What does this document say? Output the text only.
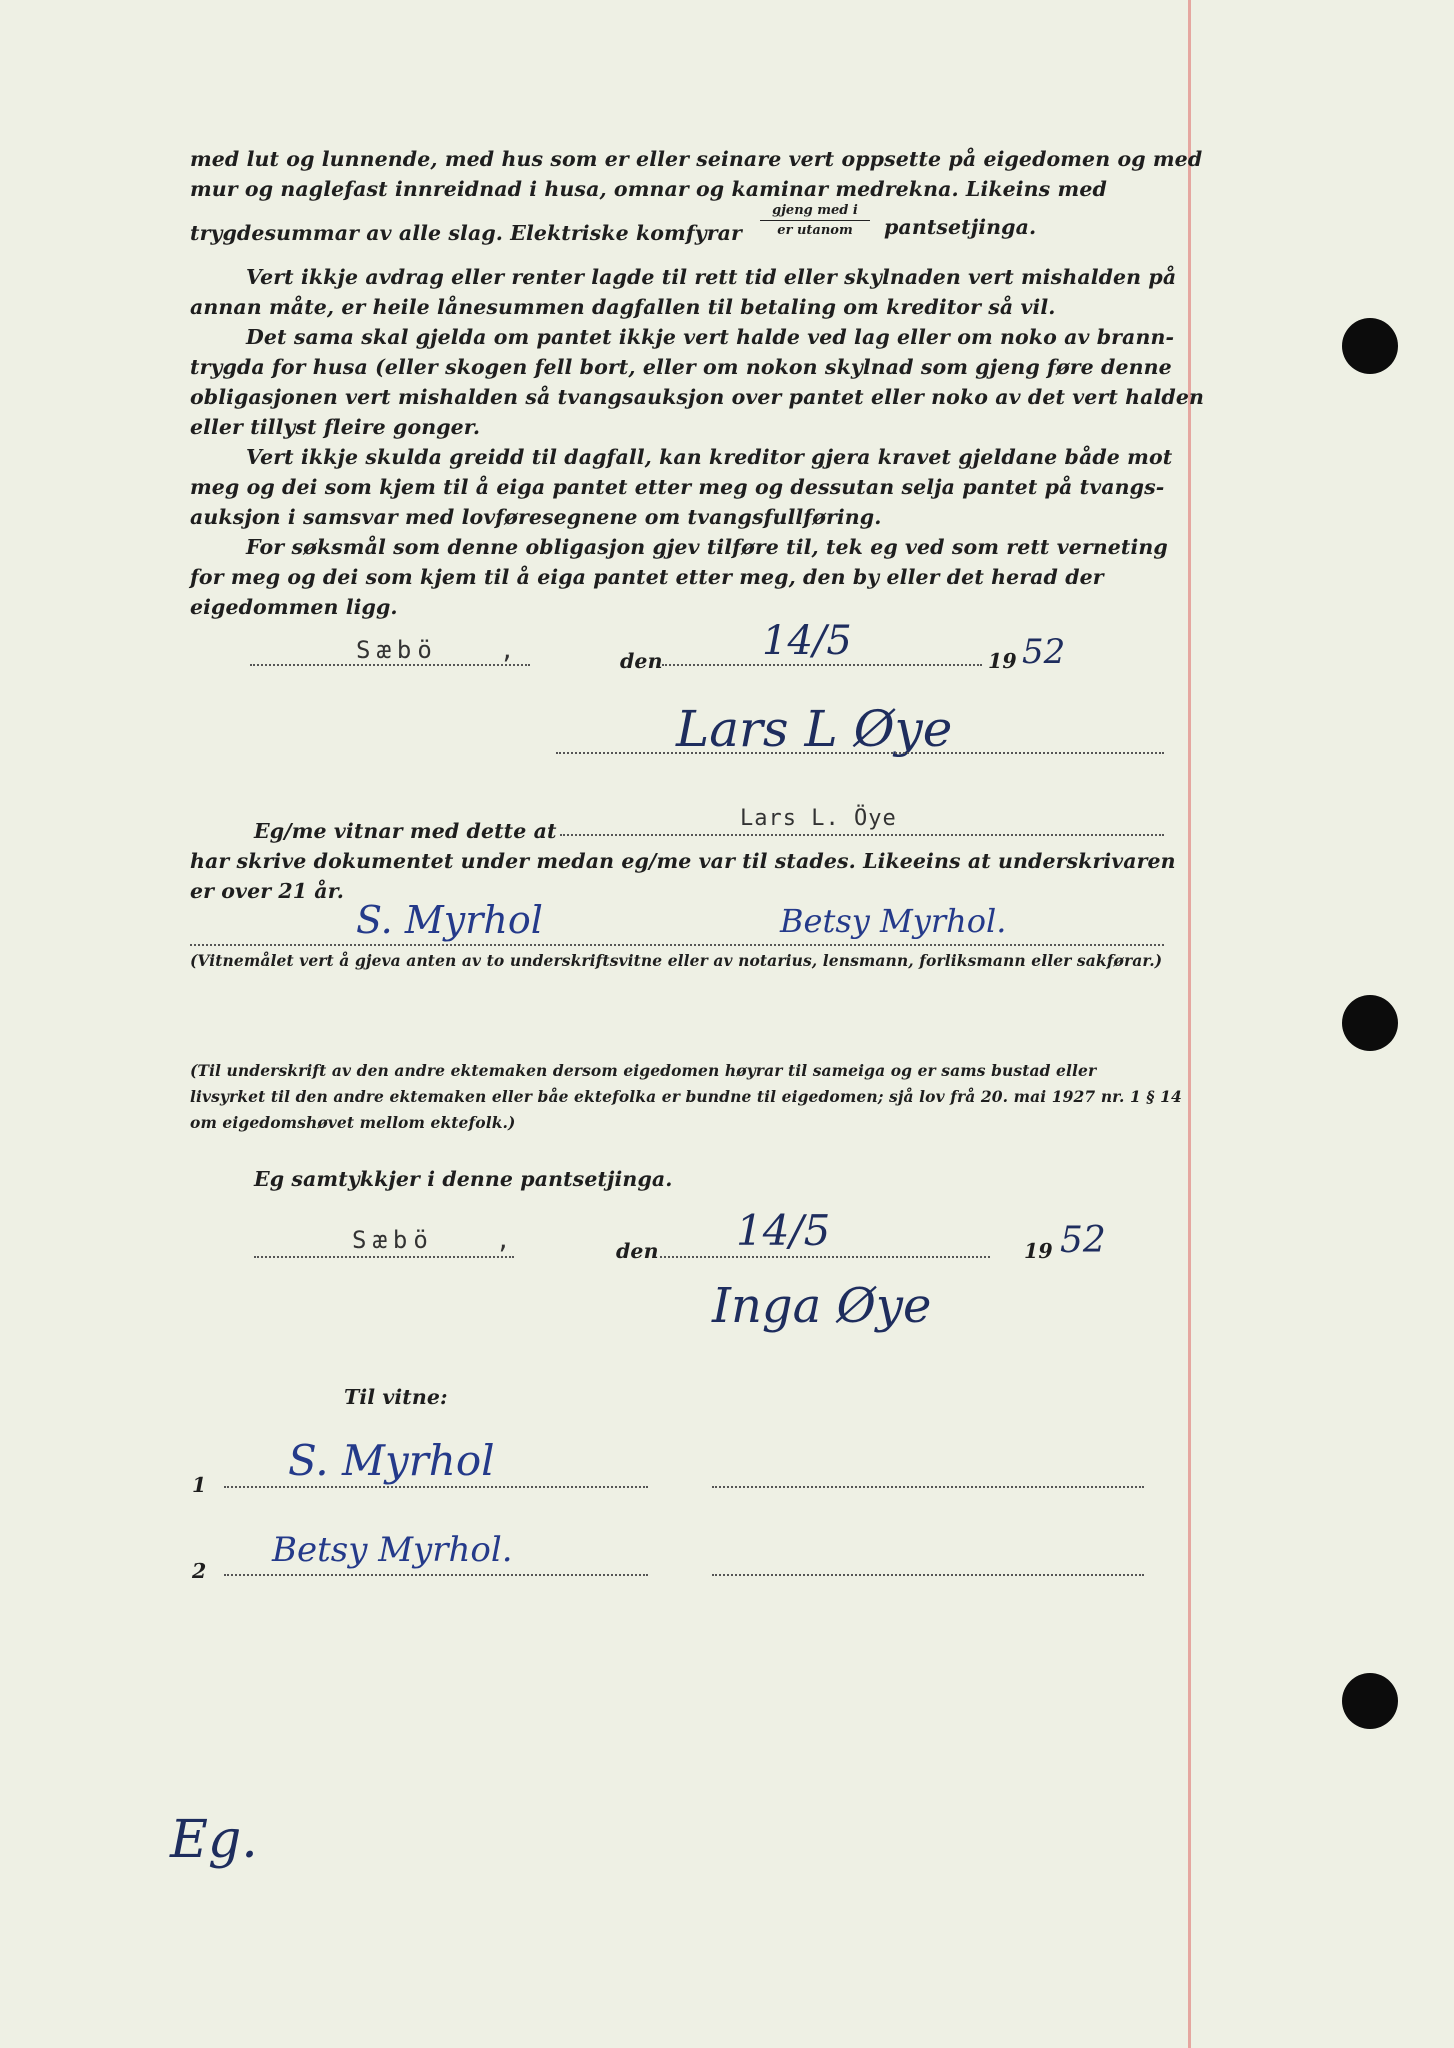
med lut og lunnende, med hus som er eller seinare vert oppsette på eigedomen og med
mur og naglefast innreidnad i husa, omnar og kaminar medrekna. Likeins med
trygdesummar av alle slag. Elektriske komfyrar
gjeng med i
er utanom	pantsetjinga.
Vert ikkje avdrag eller renter lagde til rett tid eller skylnaden vert mishalden på
annan måte, er heile lånesummen dagfallen til betaling om kreditor så vil.
Det sama skal gjelda om pantet ikkje vert halde ved lag eller om noko av brann-
trygda for husa (eller skogen fell bort, eller om nokon skylnad som gjeng føre denne
obligasjonen vert mishalden så tvangsauksjon over pantet eller noko av det vert halden
eller tillyst fleire gonger.
Vert ikkje skulda greidd til dagfall, kan kreditor gjera kravet gjeldane både mot
meg og dei som kjem til å eiga pantet etter meg og dessutan selja pantet på tvangs-
auksjon i samsvar med lovføresegnene om tvangsfullføring.
For søksmål som denne obligasjon gjev tilføre til, tek eg ved som rett verneting
for meg og dei som kjem til å eiga pantet etter meg, den by eller det herad der
eigedommen ligg.
Sæbö	,	den 14/5	19 52
Lars L Øye
Eg/me vitnar med dette at	Lars L. Öye
har skrive dokumentet under medan eg/me var til stades. Likeeins at underskrivaren
er over 21 år.
S. Myrhol	Betsy Myrhol.
(Vitnemålet vert å gjeva anten av to underskriftsvitne eller av notarius, lensmann, forliksmann eller sakførar.)
(Til underskrift av den andre ektemaken dersom eigedomen høyrar til sameiga og er sams bustad eller
livsyrket til den andre ektemaken eller båe ektefolka er bundne til eigedomen; sjå lov frå 20. mai 1927 nr. 1 § 14
om eigedomshøvet mellom ektefolk.)
Eg samtykkjer i denne pantsetjinga.
Sæbö	,	den 14/5	19 52
Inga Øye
Til vitne:
1 S. Myrhol
2
Betsy Myrhol.
Eg.
